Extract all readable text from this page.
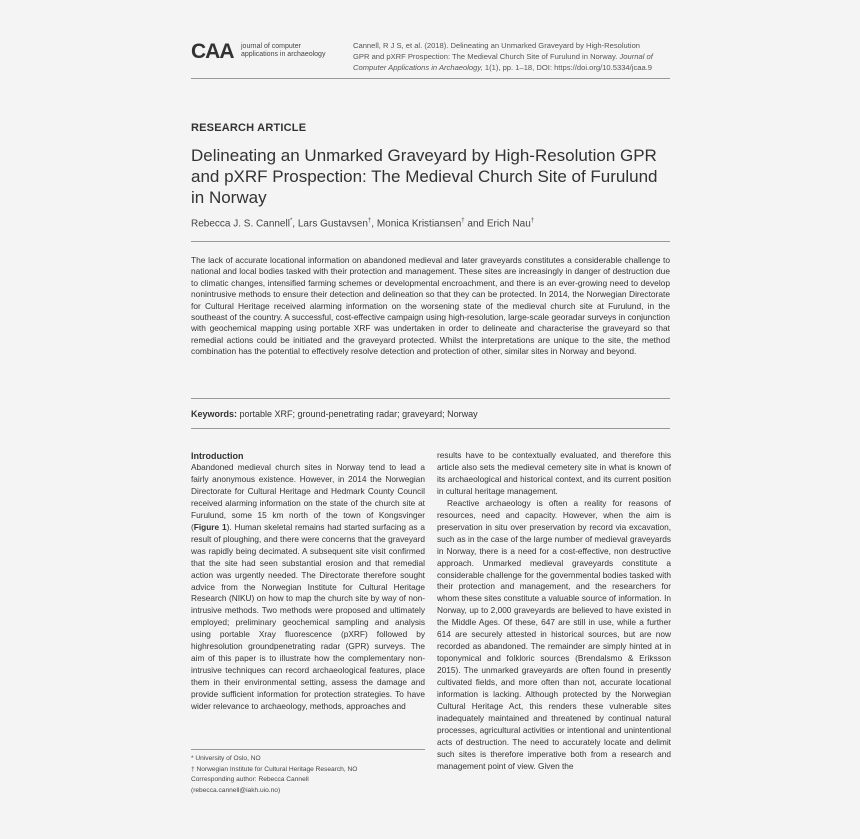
CAA journal of computer
applications in archaeology
Cannell, R J S, et al. (2018). Delineating an Unmarked Graveyard by High-Resolution
GPR and pXRF Prospection: The Medieval Church Site of Furulund in Norway. Journal of
Computer Applications in Archaeology, 1(1), pp. 1–18, DOI: https://doi.org/10.5334/jcaa.9
RESEARCH ARTICLE
Delineating an Unmarked Graveyard by High-Resolution GPR and pXRF Prospection: The Medieval Church Site of Furulund in Norway
Rebecca J. S. Cannell*, Lars Gustavsen†, Monica Kristiansen† and Erich Nau†

The lack of accurate locational information on abandoned medieval and later graveyards constitutes a considerable challenge to national and local bodies tasked with their protection and management. These sites are increasingly in danger of destruction due to climatic changes, intensified farming schemes or developmental encroachment, and there is an ever-growing need to develop nonintrusive methods to ensure their detection and delineation so that they can be protected. In 2014, the Norwegian Directorate for Cultural Heritage received alarming information on the worsening state of the medieval church site at Furulund, in the southeast of the country. A successful, cost-effective campaign using high-resolution, large-scale georadar surveys in conjunction with geochemical mapping using portable XRF was undertaken in order to delineate and characterise the graveyard so that remedial actions could be initiated and the graveyard protected. Whilst the interpretations are unique to the site, the method combination has the potential to effectively resolve detection and protection of other, similar sites in Norway and beyond.

Keywords: portable XRF; ground-penetrating radar; graveyard; Norway
Introduction

Abandoned medieval church sites in Norway tend to lead a fairly anonymous existence. However, in 2014 the Norwegian Directorate for Cultural Heritage and Hedmark County Council received alarming information on the state of the church site at Furulund, some 15 km north of the town of Kongsvinger (Figure 1). Human skeletal remains had started surfacing as a result of ploughing, and there were concerns that the graveyard was rapidly being decimated. A subsequent site visit confirmed that the site had seen substantial erosion and that remedial action was urgently needed. The Directorate therefore sought advice from the Norwegian Institute for Cultural Heritage Research (NIKU) on how to map the church site by way of non-intrusive methods. Two methods were proposed and ultimately employed; preliminary geochemical sampling and analysis using portable Xray fluorescence (pXRF) followed by highresolution groundpenetrating radar (GPR) surveys. The aim of this paper is to illustrate how the complementary non-intrusive techniques can record archaeological features, place them in their environmental setting, assess the damage and provide sufficient information for protection strategies. To have wider relevance to archaeology, methods, approaches and

results have to be contextually evaluated, and therefore this article also sets the medieval cemetery site in what is known of its archaeological and historical context, and its current position in cultural heritage management.

Reactive archaeology is often a reality for reasons of resources, need and capacity. However, when the aim is preservation in situ over preservation by record via excavation, such as in the case of the large number of medieval graveyards in Norway, there is a need for a cost-effective, non destructive approach. Unmarked medieval graveyards constitute a considerable challenge for the governmental bodies tasked with their protection and management, and the researchers for whom these sites constitute a valuable source of information. In Norway, up to 2,000 graveyards are believed to have existed in the Middle Ages. Of these, 647 are still in use, while a further 614 are securely attested in historical sources, but are now recorded as abandoned. The remainder are simply hinted at in toponymical and folkloric sources (Brendalsmo & Eriksson 2015). The unmarked graveyards are often found in presently cultivated fields, and more often than not, accurate locational information is lacking. Although protected by the Norwegian Cultural Heritage Act, this renders these vulnerable sites inadequately maintained and threatened by continual natural processes, agricultural activities or intentional and unintentional acts of destruction. The need to accurately locate and delimit such sites is therefore imperative both from a research and management point of view. Given the

* University of Oslo, NO
† Norwegian Institute for Cultural Heritage Research, NO
Corresponding author: Rebecca Cannell
(rebecca.cannell@iakh.uio.no)
